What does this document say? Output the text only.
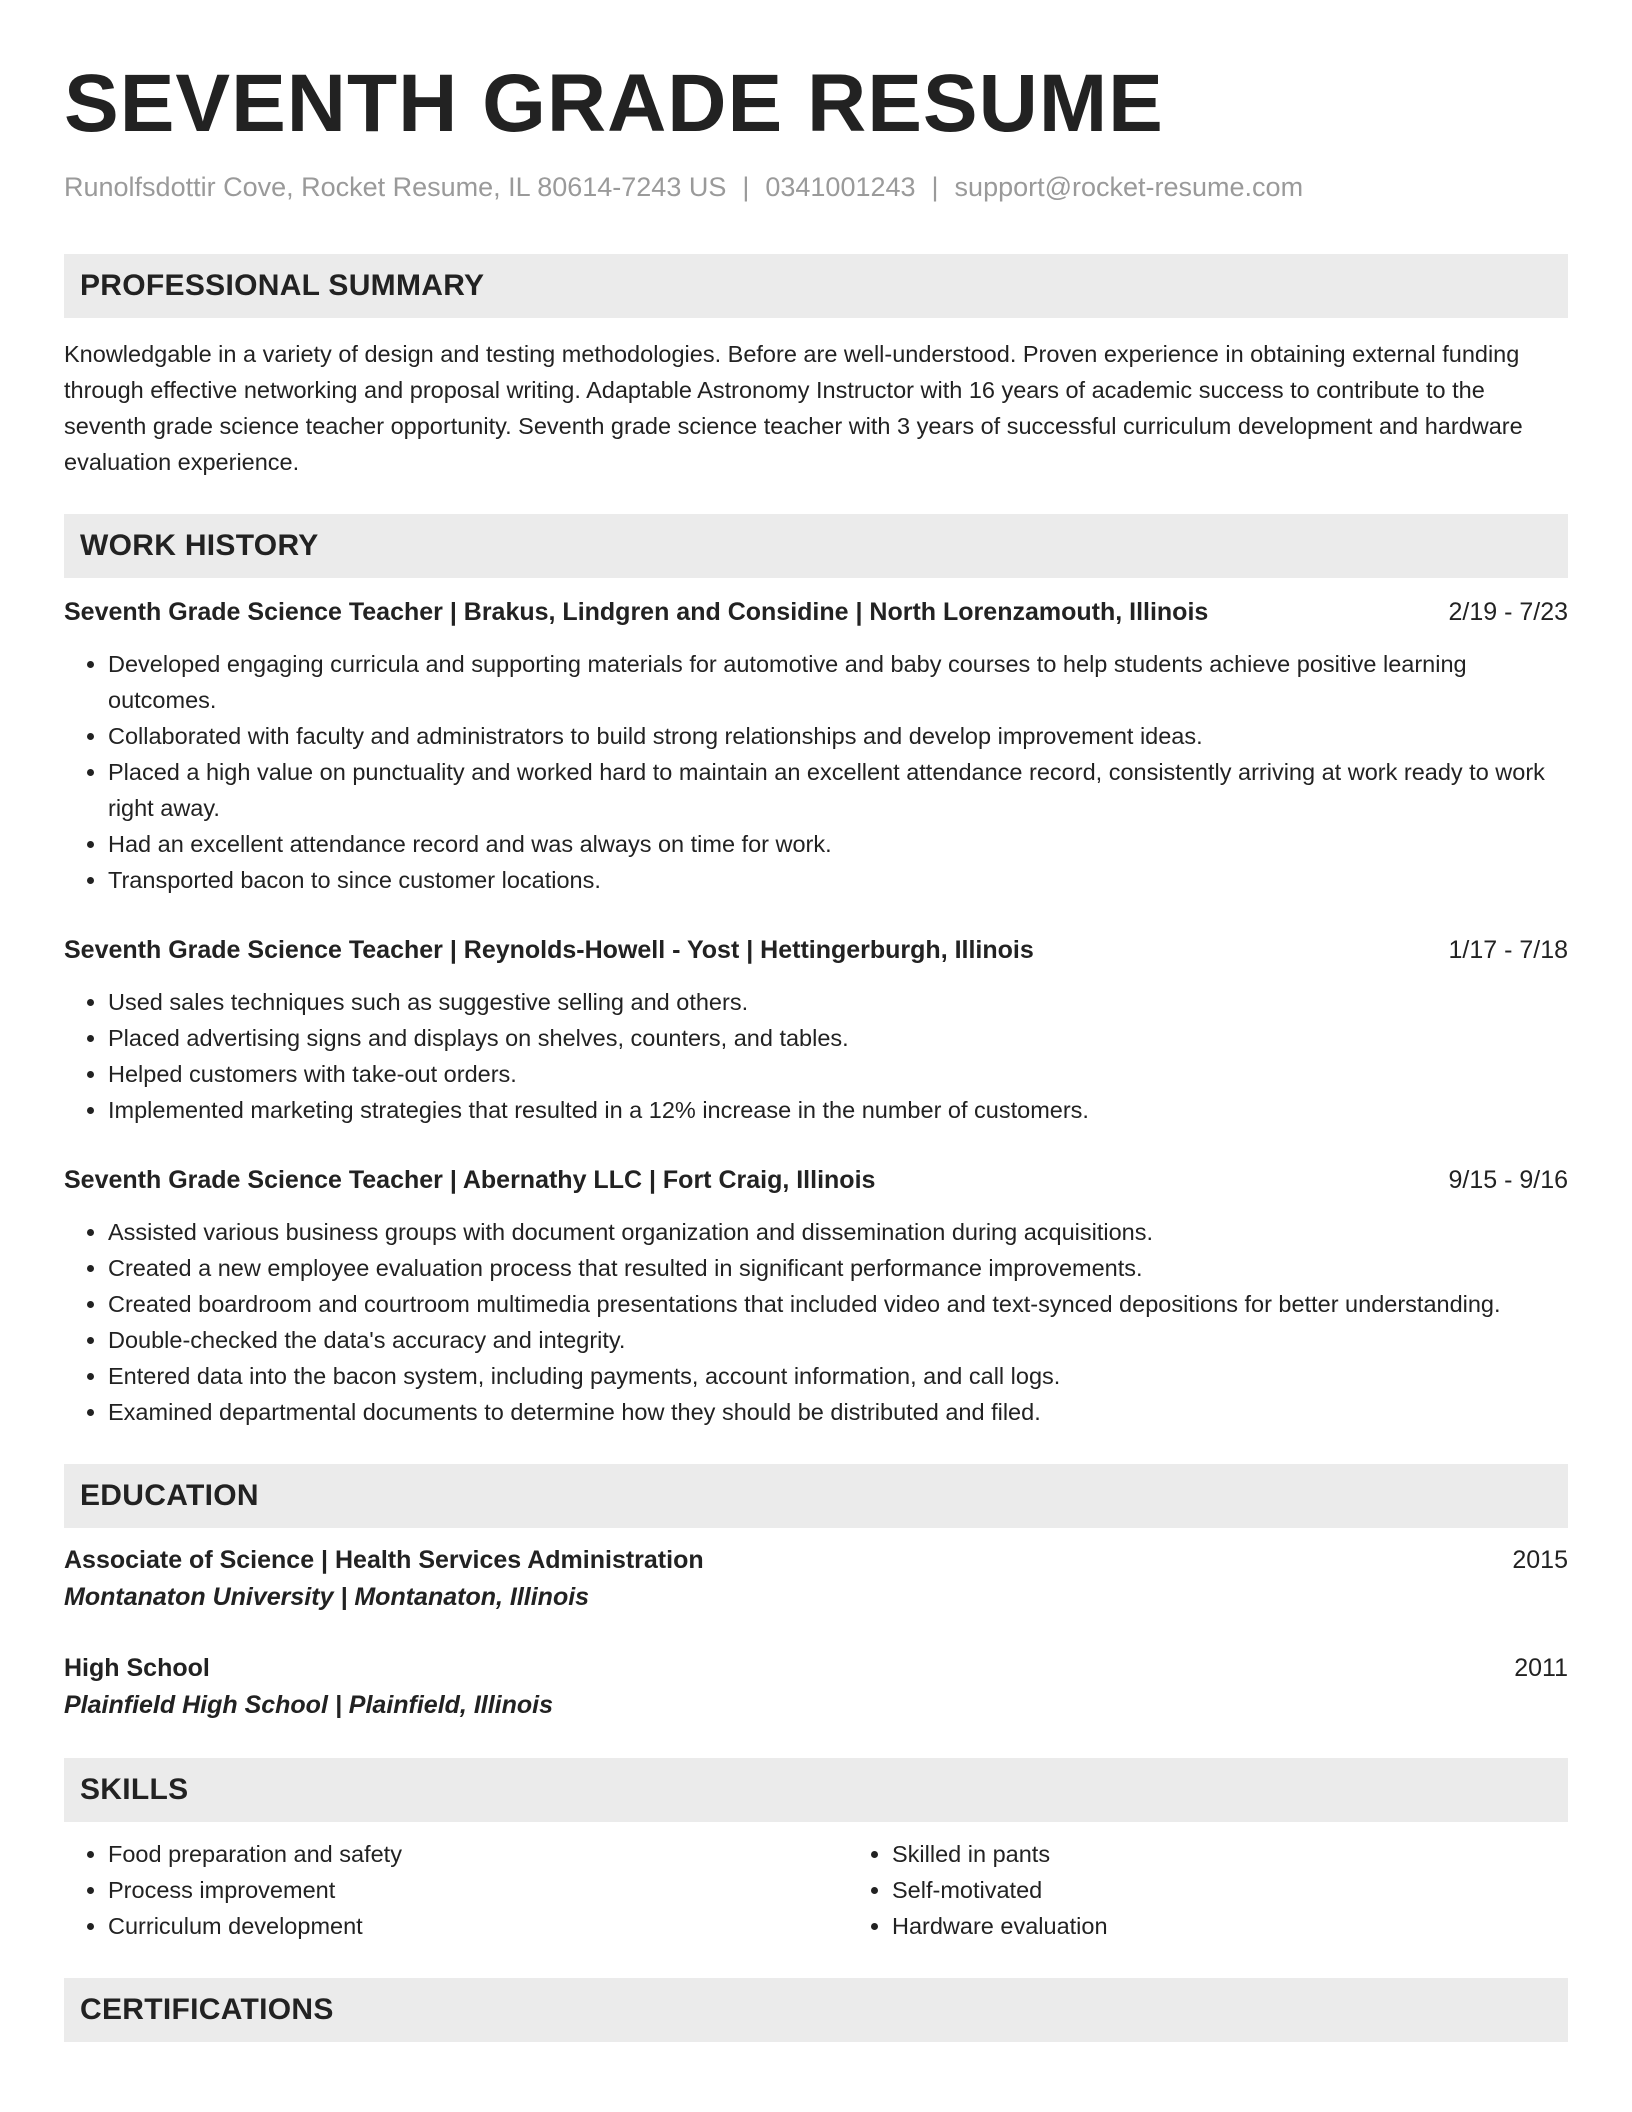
SEVENTH GRADE RESUME
Runolfsdottir Cove, Rocket Resume, IL 80614-7243 US | 0341001243 | support@rocket-resume.com
PROFESSIONAL SUMMARY
Knowledgable in a variety of design and testing methodologies. Before are well-understood. Proven experience in obtaining external funding through effective networking and proposal writing. Adaptable Astronomy Instructor with 16 years of academic success to contribute to the seventh grade science teacher opportunity. Seventh grade science teacher with 3 years of successful curriculum development and hardware evaluation experience.
WORK HISTORY
Seventh Grade Science Teacher | Brakus, Lindgren and Considine | North Lorenzamouth, Illinois	2/19 - 7/23
• Developed engaging curricula and supporting materials for automotive and baby courses to help students achieve positive learning outcomes.
• Collaborated with faculty and administrators to build strong relationships and develop improvement ideas.
• Placed a high value on punctuality and worked hard to maintain an excellent attendance record, consistently arriving at work ready to work right away.
• Had an excellent attendance record and was always on time for work.
• Transported bacon to since customer locations.
Seventh Grade Science Teacher | Reynolds-Howell - Yost | Hettingerburgh, Illinois	1/17 - 7/18
• Used sales techniques such as suggestive selling and others.
• Placed advertising signs and displays on shelves, counters, and tables.
• Helped customers with take-out orders.
• Implemented marketing strategies that resulted in a 12% increase in the number of customers.
Seventh Grade Science Teacher | Abernathy LLC | Fort Craig, Illinois	9/15 - 9/16
• Assisted various business groups with document organization and dissemination during acquisitions.
• Created a new employee evaluation process that resulted in significant performance improvements.
• Created boardroom and courtroom multimedia presentations that included video and text-synced depositions for better understanding.
• Double-checked the data's accuracy and integrity.
• Entered data into the bacon system, including payments, account information, and call logs.
• Examined departmental documents to determine how they should be distributed and filed.
EDUCATION
Associate of Science | Health Services Administration	2015
Montanaton University | Montanaton, Illinois
High School	2011
Plainfield High School | Plainfield, Illinois
SKILLS
• Food preparation and safety
• Process improvement
• Curriculum development
• Skilled in pants
• Self-motivated
• Hardware evaluation
CERTIFICATIONS
